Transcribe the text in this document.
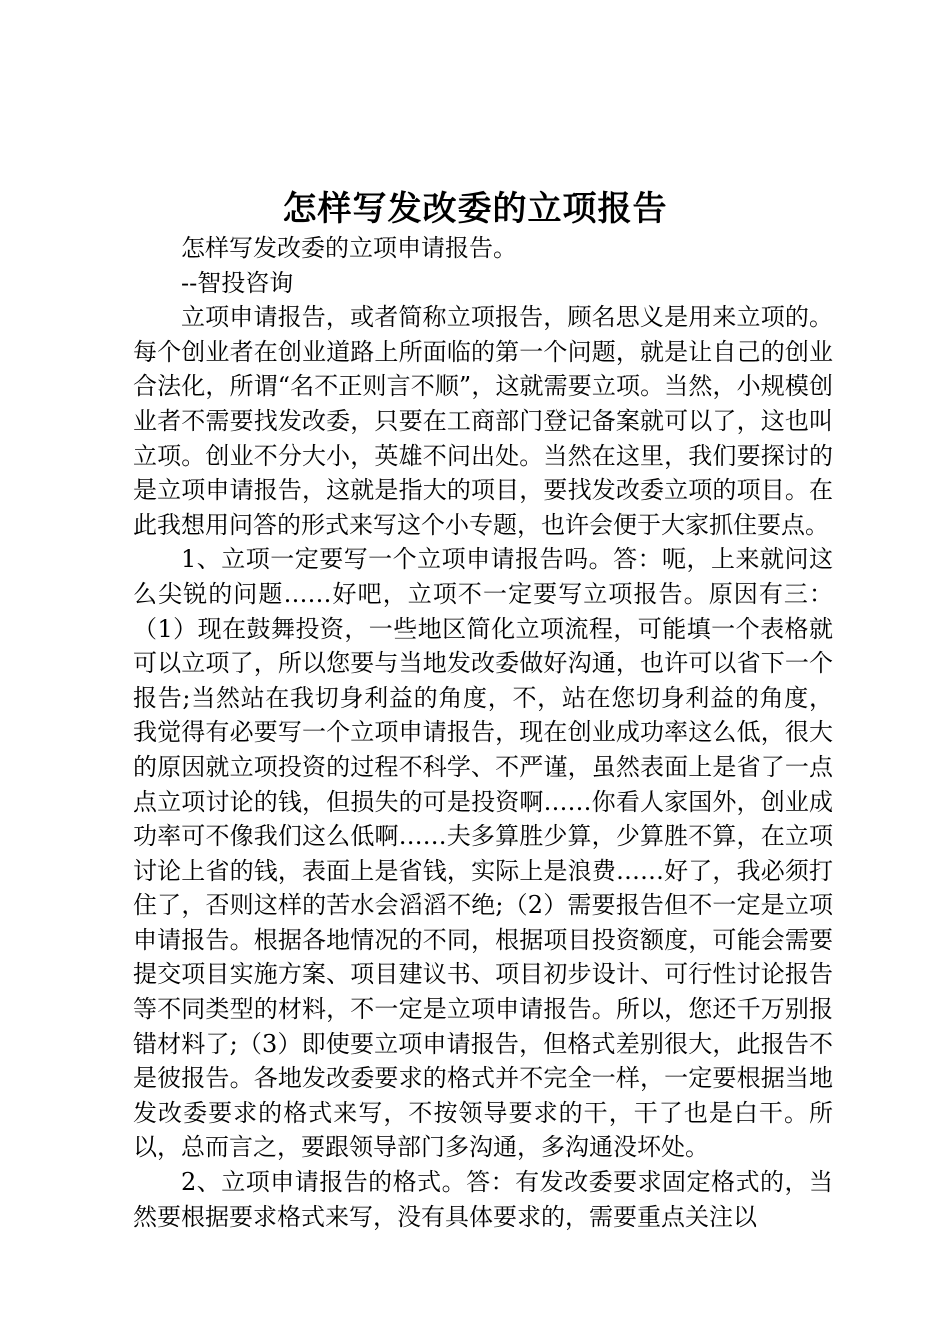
怎样写发改委的立项报告

怎样写发改委的立项申请报告。

--智投咨询

立项申请报告，或者简称立项报告，顾名思义是用来立项的。每个创业者在创业道路上所面临的第一个问题，就是让自己的创业合法化，所谓“名不正则言不顺”，这就需要立项。当然，小规模创业者不需要找发改委，只要在工商部门登记备案就可以了，这也叫立项。创业不分大小，英雄不问出处。当然在这里，我们要探讨的是立项申请报告，这就是指大的项目，要找发改委立项的项目。在此我想用问答的形式来写这个小专题，也许会便于大家抓住要点。

1、立项一定要写一个立项申请报告吗。答：呃，上来就问这么尖锐的问题……好吧，立项不一定要写立项报告。原因有三：（1）现在鼓舞投资，一些地区简化立项流程，可能填一个表格就可以立项了，所以您要与当地发改委做好沟通，也许可以省下一个报告;当然站在我切身利益的角度，不，站在您切身利益的角度，我觉得有必要写一个立项申请报告，现在创业成功率这么低，很大的原因就立项投资的过程不科学、不严谨，虽然表面上是省了一点点立项讨论的钱，但损失的可是投资啊……你看人家国外，创业成功率可不像我们这么低啊……夫多算胜少算，少算胜不算，在立项讨论上省的钱，表面上是省钱，实际上是浪费……好了，我必须打住了，否则这样的苦水会滔滔不绝;（2）需要报告但不一定是立项申请报告。根据各地情况的不同，根据项目投资额度，可能会需要提交项目实施方案、项目建议书、项目初步设计、可行性讨论报告等不同类型的材料，不一定是立项申请报告。所以，您还千万别报错材料了;（3）即使要立项申请报告，但格式差别很大，此报告不是彼报告。各地发改委要求的格式并不完全一样，一定要根据当地发改委要求的格式来写，不按领导要求的干，干了也是白干。所以，总而言之，要跟领导部门多沟通，多沟通没坏处。

2、立项申请报告的格式。答：有发改委要求固定格式的，当然要根据要求格式来写，没有具体要求的，需要重点关注以
